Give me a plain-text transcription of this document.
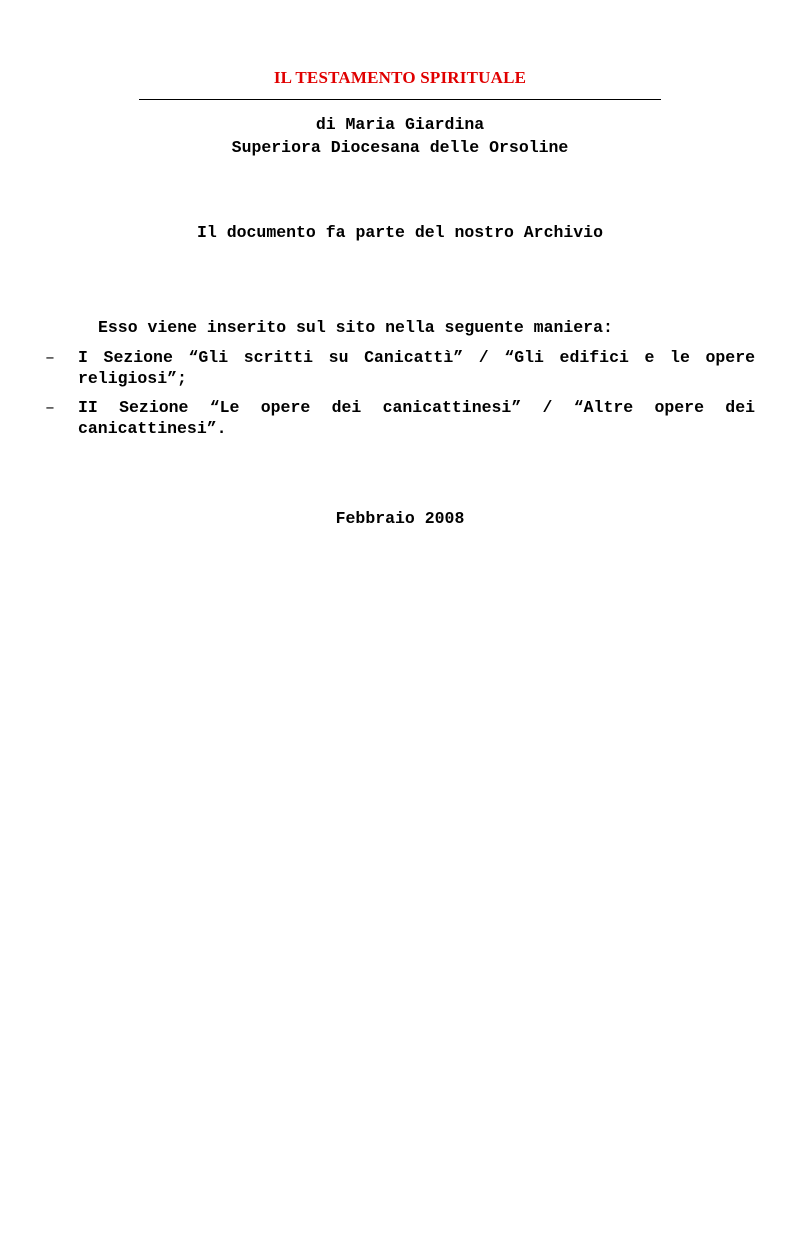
IL TESTAMENTO SPIRITUALE
di Maria Giardina
Superiora Diocesana delle Orsoline
Il documento fa parte del nostro Archivio
Esso viene inserito sul sito nella seguente maniera:
– I Sezione “Gli scritti su Canicattì” / “Gli edifici e le opere religiosi”;
– II Sezione “Le opere dei canicattinesi” / “Altre opere dei canicattinesi”.
Febbraio 2008
